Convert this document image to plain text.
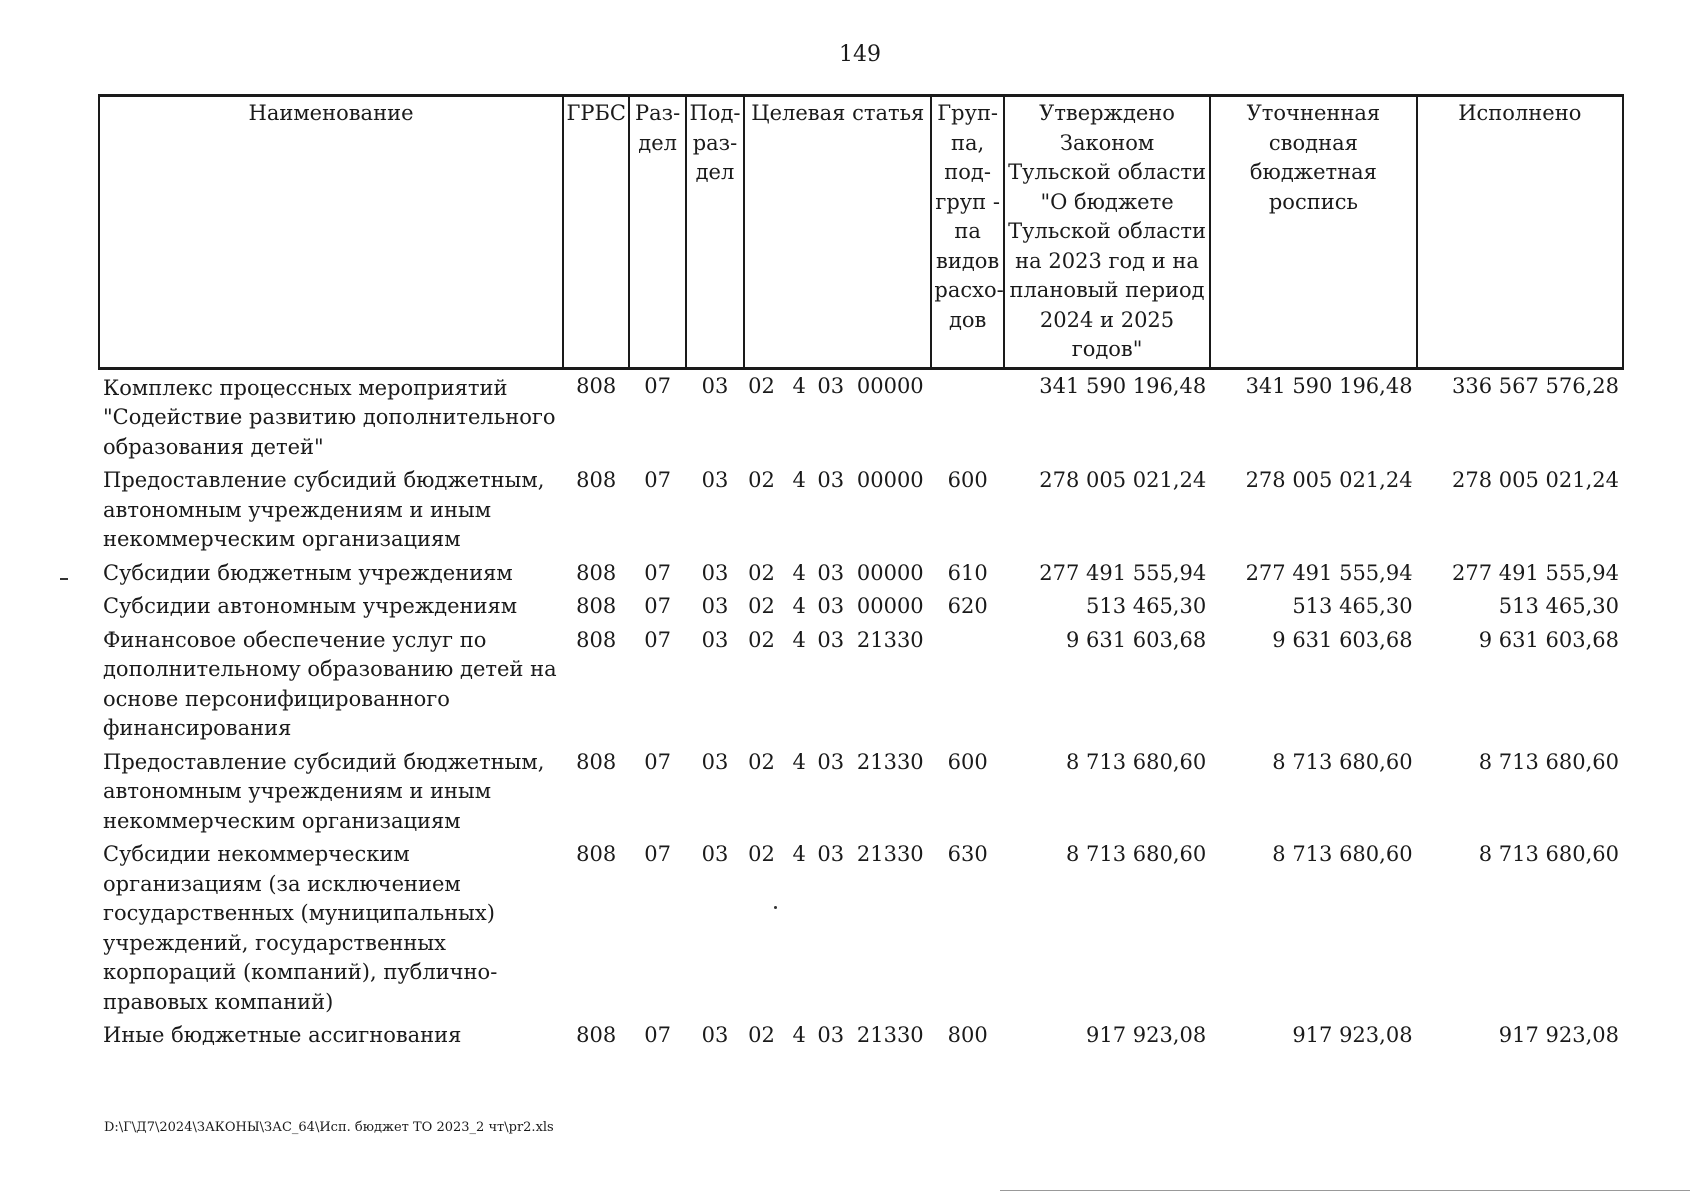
149
Наименование	ГРБС	Раз-дел	Под-раз-дел	Целевая статья				Груп-па, под-груп - па видов расхо-дов	Утверждено Законом Тульской области "О бюджете Тульской области на 2023 год и на плановый период 2024 и 2025 годов"	Уточненная сводная бюджетная роспись	Исполнено
Комплекс процессных мероприятий "Содействие развитию дополнительного образования детей"	808	07	03	02	4	03	00000		341 590 196,48	341 590 196,48	336 567 576,28
Предоставление субсидий бюджетным, автономным учреждениям и иным некоммерческим организациям	808	07	03	02	4	03	00000	600	278 005 021,24	278 005 021,24	278 005 021,24
Субсидии бюджетным учреждениям	808	07	03	02	4	03	00000	610	277 491 555,94	277 491 555,94	277 491 555,94
Субсидии автономным учреждениям	808	07	03	02	4	03	00000	620	513 465,30	513 465,30	513 465,30
Финансовое обеспечение услуг по дополнительному образованию детей на основе персонифицированного финансирования	808	07	03	02	4	03	21330		9 631 603,68	9 631 603,68	9 631 603,68
Предоставление субсидий бюджетным, автономным учреждениям и иным некоммерческим организациям	808	07	03	02	4	03	21330	600	8 713 680,60	8 713 680,60	8 713 680,60
Субсидии некоммерческим организациям (за исключением государственных (муниципальных) учреждений, государственных корпораций (компаний), публично-правовых компаний)	808	07	03	02	4	03	21330	630	8 713 680,60	8 713 680,60	8 713 680,60
Иные бюджетные ассигнования	808	07	03	02	4	03	21330	800	917 923,08	917 923,08	917 923,08
D:\Г\Д7\2024\ЗАКОНЫ\ЗАС_64\Исп. бюджет ТО 2023_2 чт\pr2.xls
